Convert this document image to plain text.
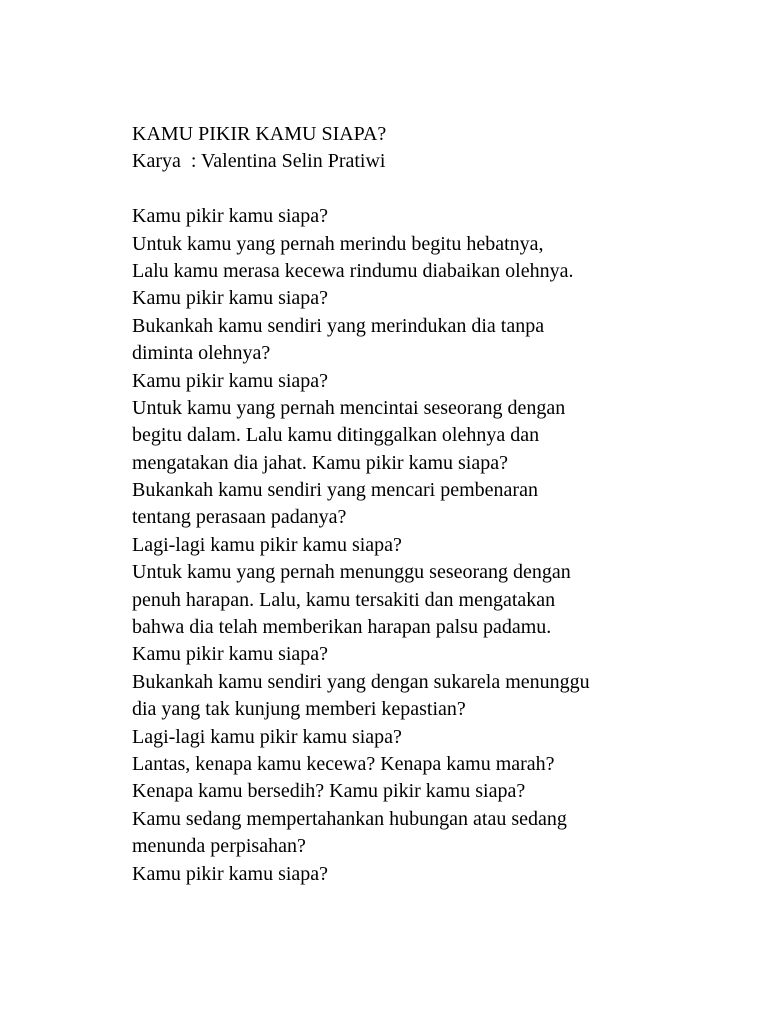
KAMU PIKIR KAMU SIAPA?

Karya  : Valentina Selin Pratiwi

Kamu pikir kamu siapa?

Untuk kamu yang pernah merindu begitu hebatnya,

Lalu kamu merasa kecewa rindumu diabaikan olehnya.

Kamu pikir kamu siapa?

Bukankah kamu sendiri yang merindukan dia tanpa

diminta olehnya?

Kamu pikir kamu siapa?

Untuk kamu yang pernah mencintai seseorang dengan

begitu dalam. Lalu kamu ditinggalkan olehnya dan

mengatakan dia jahat. Kamu pikir kamu siapa?

Bukankah kamu sendiri yang mencari pembenaran

tentang perasaan padanya?

Lagi-lagi kamu pikir kamu siapa?

Untuk kamu yang pernah menunggu seseorang dengan

penuh harapan. Lalu, kamu tersakiti dan mengatakan

bahwa dia telah memberikan harapan palsu padamu.

Kamu pikir kamu siapa?

Bukankah kamu sendiri yang dengan sukarela menunggu

dia yang tak kunjung memberi kepastian?

Lagi-lagi kamu pikir kamu siapa?

Lantas, kenapa kamu kecewa? Kenapa kamu marah?

Kenapa kamu bersedih? Kamu pikir kamu siapa?

Kamu sedang mempertahankan hubungan atau sedang

menunda perpisahan?

Kamu pikir kamu siapa?
